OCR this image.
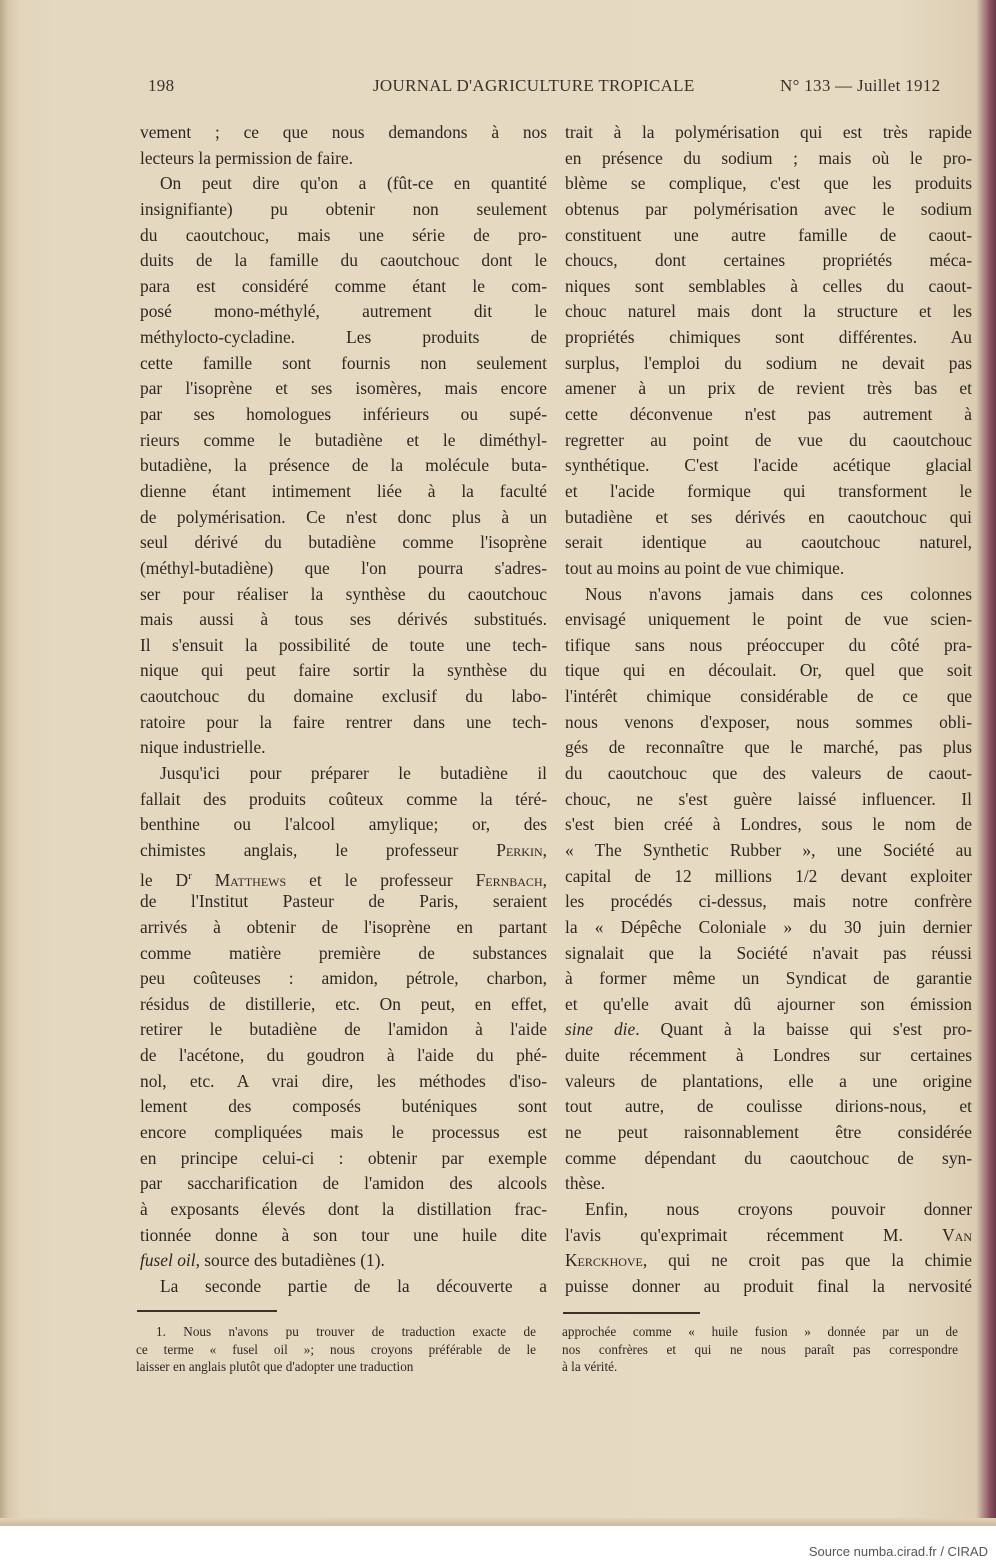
198	JOURNAL D'AGRICULTURE TROPICALE	N° 133 — Juillet 1912
vement ; ce que nous demandons à nos
lecteurs la permission de faire.
On peut dire qu'on a (fût-ce en quantité
insignifiante) pu obtenir non seulement
du caoutchouc, mais une série de pro-
duits de la famille du caoutchouc dont le
para est considéré comme étant le com-
posé mono-méthylé, autrement dit le
méthylocto-cycladine. Les produits de
cette famille sont fournis non seulement
par l'isoprène et ses isomères, mais encore
par ses homologues inférieurs ou supé-
rieurs comme le butadiène et le diméthyl-
butadiène, la présence de la molécule buta-
dienne étant intimement liée à la faculté
de polymérisation. Ce n'est donc plus à un
seul dérivé du butadiène comme l'isoprène
(méthyl-butadiène) que l'on pourra s'adres-
ser pour réaliser la synthèse du caoutchouc
mais aussi à tous ses dérivés substitués.
Il s'ensuit la possibilité de toute une tech-
nique qui peut faire sortir la synthèse du
caoutchouc du domaine exclusif du labo-
ratoire pour la faire rentrer dans une tech-
nique industrielle.
Jusqu'ici pour préparer le butadiène il
fallait des produits coûteux comme la téré-
benthine ou l'alcool amylique; or, des
chimistes anglais, le professeur Perkin,
le $D^r$ Matthews et le professeur Fernbach,
de l'Institut Pasteur de Paris, seraient
arrivés à obtenir de l'isoprène en partant
comme matière première de substances
peu coûteuses : amidon, pétrole, charbon,
résidus de distillerie, etc. On peut, en effet,
retirer le butadiène de l'amidon à l'aide
de l'acétone, du goudron à l'aide du phé-
nol, etc. A vrai dire, les méthodes d'iso-
lement des composés buténiques sont
encore compliquées mais le processus est
en principe celui-ci : obtenir par exemple
par saccharification de l'amidon des alcools
à exposants élevés dont la distillation frac-
tionnée donne à son tour une huile dite
fusel oil, source des butadiènes (1).
La seconde partie de la découverte a
trait à la polymérisation qui est très rapide
en présence du sodium ; mais où le pro-
blème se complique, c'est que les produits
obtenus par polymérisation avec le sodium
constituent une autre famille de caout-
choucs, dont certaines propriétés méca-
niques sont semblables à celles du caout-
chouc naturel mais dont la structure et les
propriétés chimiques sont différentes. Au
surplus, l'emploi du sodium ne devait pas
amener à un prix de revient très bas et
cette déconvenue n'est pas autrement à
regretter au point de vue du caoutchouc
synthétique. C'est l'acide acétique glacial
et l'acide formique qui transforment le
butadiène et ses dérivés en caoutchouc qui
serait identique au caoutchouc naturel,
tout au moins au point de vue chimique.
Nous n'avons jamais dans ces colonnes
envisagé uniquement le point de vue scien-
tifique sans nous préoccuper du côté pra-
tique qui en découlait. Or, quel que soit
l'intérêt chimique considérable de ce que
nous venons d'exposer, nous sommes obli-
gés de reconnaître que le marché, pas plus
du caoutchouc que des valeurs de caout-
chouc, ne s'est guère laissé influencer. Il
s'est bien créé à Londres, sous le nom de
« The Synthetic Rubber », une Société au
capital de 12 millions 1/2 devant exploiter
les procédés ci-dessus, mais notre confrère
la « Dépêche Coloniale » du 30 juin dernier
signalait que la Société n'avait pas réussi
à former même un Syndicat de garantie
et qu'elle avait dû ajourner son émission
sine die. Quant à la baisse qui s'est pro-
duite récemment à Londres sur certaines
valeurs de plantations, elle a une origine
tout autre, de coulisse dirions-nous, et
ne peut raisonnablement être considérée
comme dépendant du caoutchouc de syn-
thèse.
Enfin, nous croyons pouvoir donner
l'avis qu'exprimait récemment M. Van
Kerckhove, qui ne croit pas que la chimie
puisse donner au produit final la nervosité
1. Nous n'avons pu trouver de traduction exacte de
ce terme « fusel oil »; nous croyons préférable de le
laisser en anglais plutôt que d'adopter une traduction
approchée comme « huile fusion » donnée par un de
nos confrères et qui ne nous paraît pas correspondre
à la vérité.
Source numba.cirad.fr / CIRAD
